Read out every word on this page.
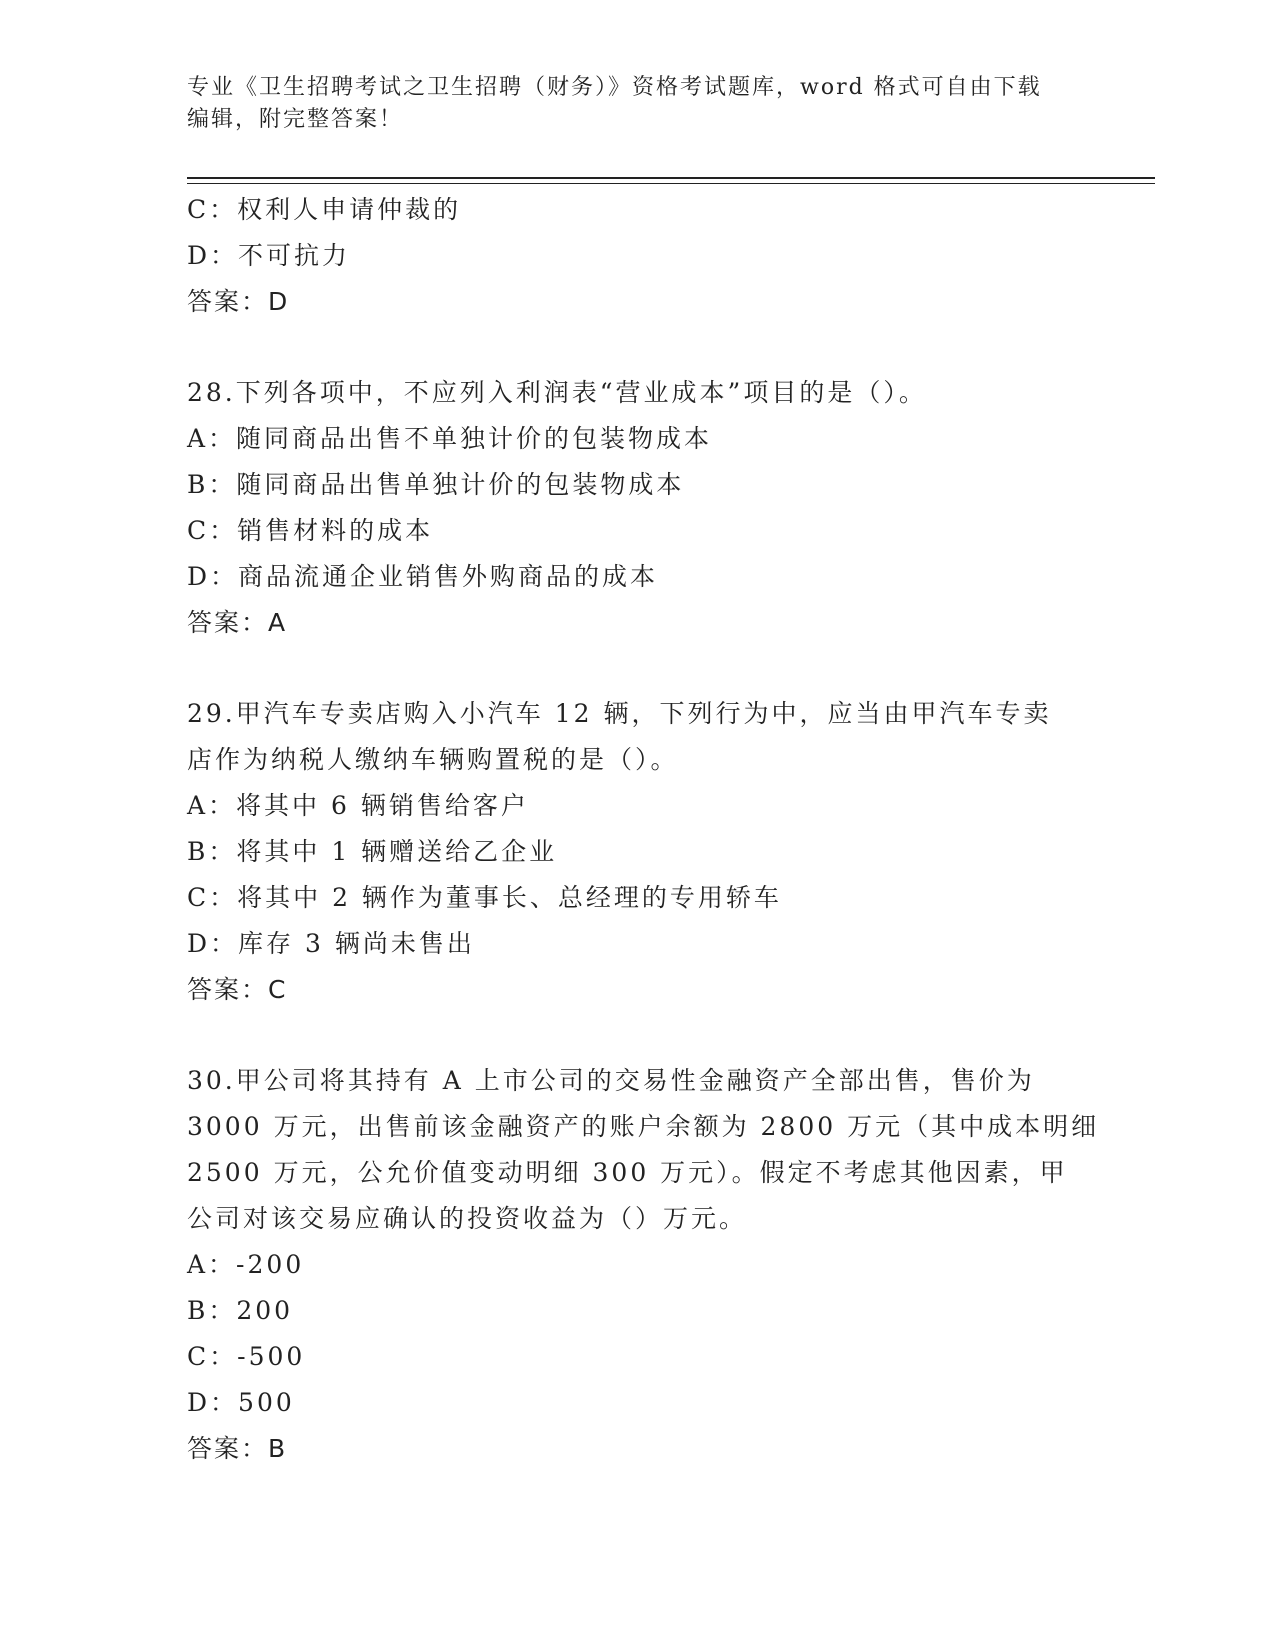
专业《卫生招聘考试之卫生招聘（财务）》资格考试题库，word 格式可自由下载
编辑，附完整答案！
C：权利人申请仲裁的
D：不可抗力
答案：D
28.下列各项中，不应列入利润表“营业成本”项目的是（）。
A：随同商品出售不单独计价的包装物成本
B：随同商品出售单独计价的包装物成本
C：销售材料的成本
D：商品流通企业销售外购商品的成本
答案：A
29.甲汽车专卖店购入小汽车 12 辆，下列行为中，应当由甲汽车专卖
店作为纳税人缴纳车辆购置税的是（）。
A：将其中 6 辆销售给客户
B：将其中 1 辆赠送给乙企业
C：将其中 2 辆作为董事长、总经理的专用轿车
D：库存 3 辆尚未售出
答案：C
30.甲公司将其持有 A 上市公司的交易性金融资产全部出售，售价为
3000 万元，出售前该金融资产的账户余额为 2800 万元（其中成本明细
2500 万元，公允价值变动明细 300 万元）。假定不考虑其他因素，甲
公司对该交易应确认的投资收益为（）万元。
A：-200
B：200
C：-500
D：500
答案：B
